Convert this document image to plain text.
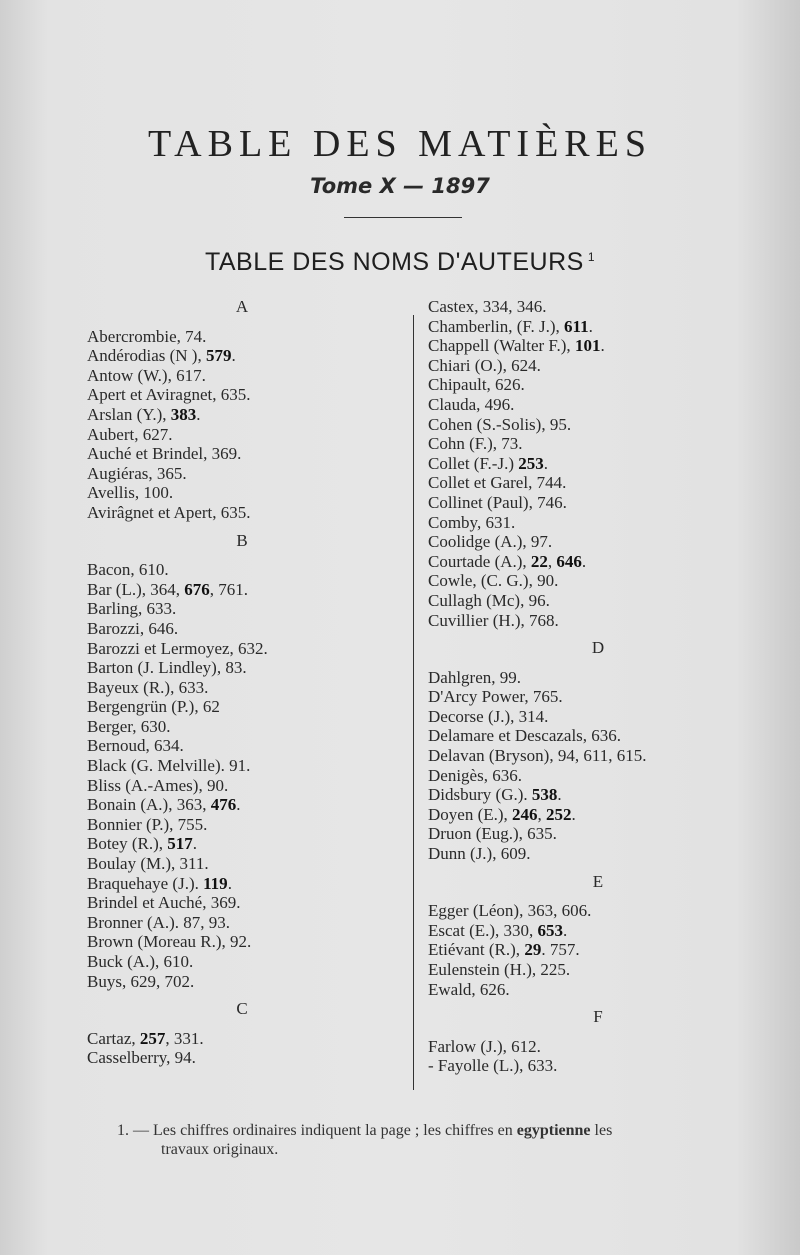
TABLE DES MATIÈRES
Tome X — 1897
TABLE DES NOMS D'AUTEURS $^1$
A
Abercrombie, 74.
Andérodias (N ), 579.
Antow (W.), 617.
Apert et Aviragnet, 635.
Arslan (Y.), 383.
Aubert, 627.
Auché et Brindel, 369.
Augiéras, 365.
Avellis, 100.
Avirâgnet et Apert, 635.
B
Bacon, 610.
Bar (L.), 364, 676, 761.
Barling, 633.
Barozzi, 646.
Barozzi et Lermoyez, 632.
Barton (J. Lindley), 83.
Bayeux (R.), 633.
Bergengrün (P.), 62
Berger, 630.
Bernoud, 634.
Black (G. Melville). 91.
Bliss (A.-Ames), 90.
Bonain (A.), 363, 476.
Bonnier (P.), 755.
Botey (R.), 517.
Boulay (M.), 311.
Braquehaye (J.). 119.
Brindel et Auché, 369.
Bronner (A.). 87, 93.
Brown (Moreau R.), 92.
Buck (A.), 610.
Buys, 629, 702.
C
Cartaz, 257, 331.
Casselberry, 94.
Castex, 334, 346.
Chamberlin, (F. J.), 611.
Chappell (Walter F.), 101.
Chiari (O.), 624.
Chipault, 626.
Clauda, 496.
Cohen (S.-Solis), 95.
Cohn (F.), 73.
Collet (F.-J.) 253.
Collet et Garel, 744.
Collinet (Paul), 746.
Comby, 631.
Coolidge (A.), 97.
Courtade (A.), 22, 646.
Cowle, (C. G.), 90.
Cullagh (Mc), 96.
Cuvillier (H.), 768.
D
Dahlgren, 99.
D'Arcy Power, 765.
Decorse (J.), 314.
Delamare et Descazals, 636.
Delavan (Bryson), 94, 611, 615.
Denigès, 636.
Didsbury (G.). 538.
Doyen (E.), 246, 252.
Druon (Eug.), 635.
Dunn (J.), 609.
E
Egger (Léon), 363, 606.
Escat (E.), 330, 653.
Etiévant (R.), 29. 757.
Eulenstein (H.), 225.
Ewald, 626.
F
Farlow (J.), 612.
- Fayolle (L.), 633.
1. — Les chiffres ordinaires indiquent la page ; les chiffres en egyptienne les
travaux originaux.
